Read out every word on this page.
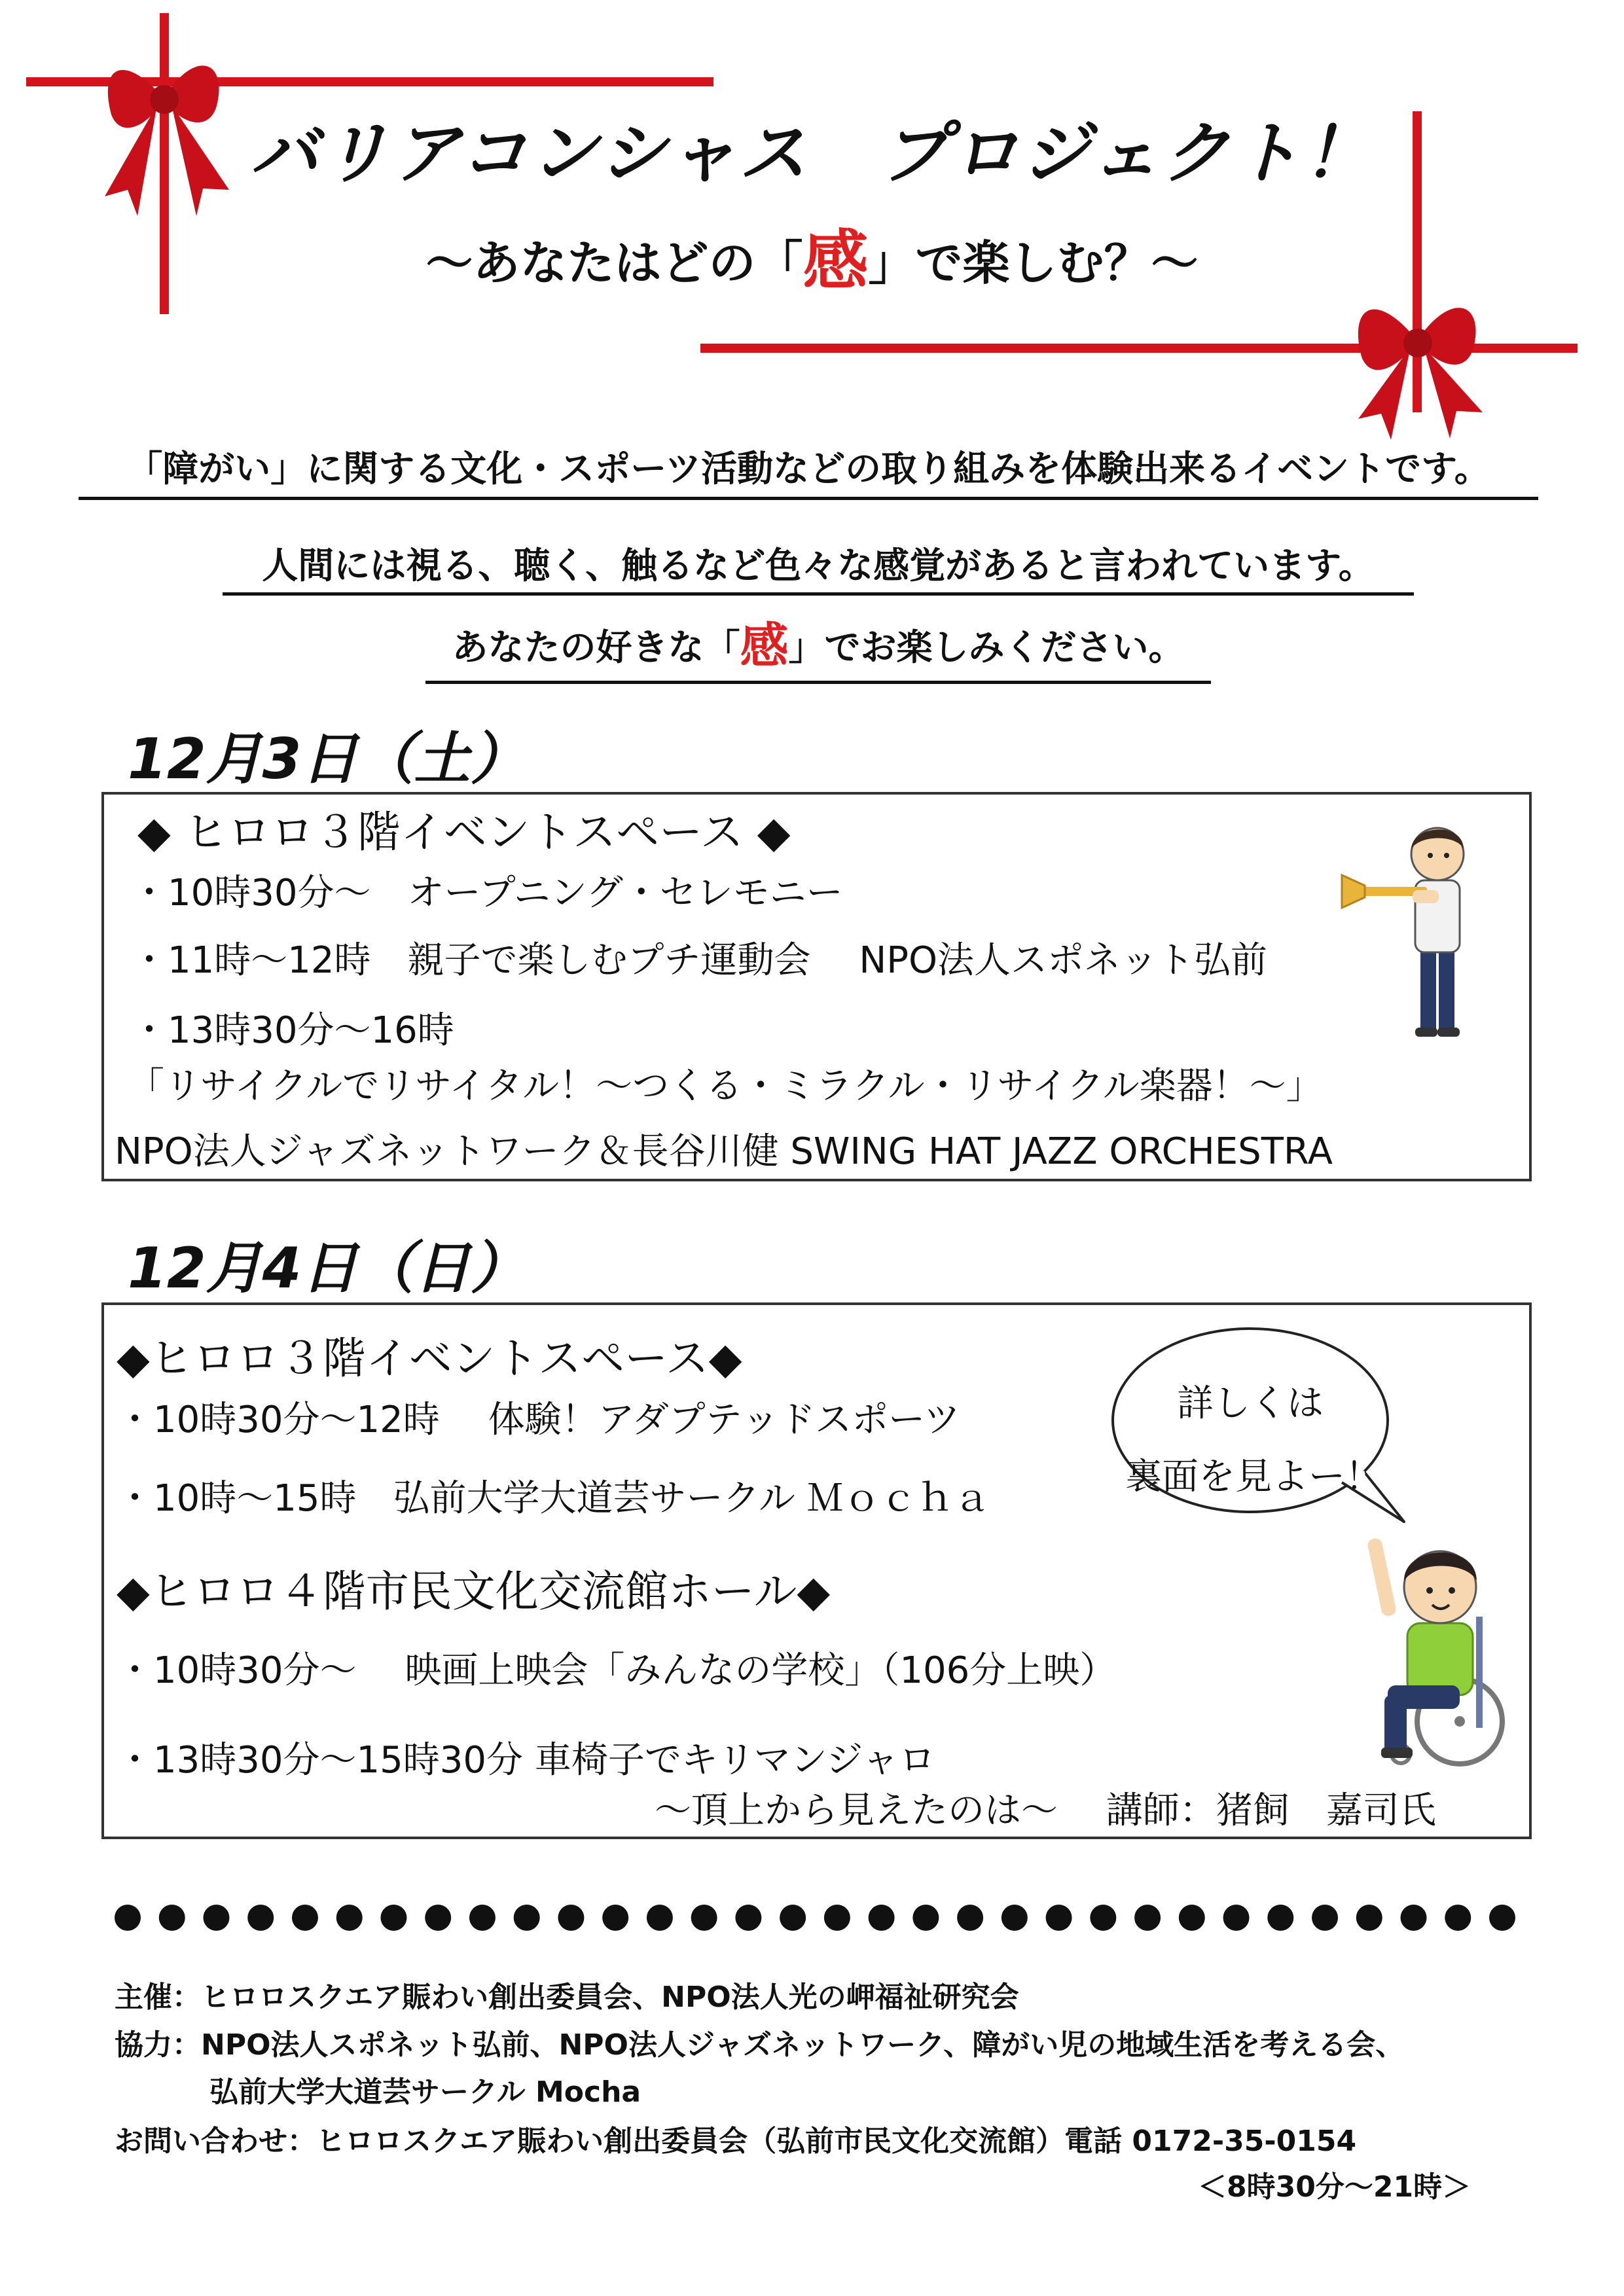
バリアコンシャス　プロジェクト！
～あなたはどの「感」で楽しむ？～
「障がい」に関する文化・スポーツ活動などの取り組みを体験出来るイベントです。
人間には視る、聴く、触るなど色々な感覚があると言われています。
あなたの好きな「感」でお楽しみください。
12月3日（土）
◆ ヒロロ３階イベントスペース ◆
・10時30分～　オープニング・セレモニー
・11時～12時　親子で楽しむプチ運動会　 NPO法人スポネット弘前
・13時30分～16時
「リサイクルでリサイタル！～つくる・ミラクル・リサイクル楽器！～」
NPO法人ジャズネットワーク＆長谷川健 SWING HAT JAZZ ORCHESTRA
12月4日（日）
◆ヒロロ３階イベントスペース◆
・10時30分～12時　 体験！アダプテッドスポーツ
・10時～15時　弘前大学大道芸サークル Ｍｏｃｈａ
◆ヒロロ４階市民文化交流館ホール◆
・10時30分～　 映画上映会「みんなの学校」（106分上映）
・13時30分～15時30分 車椅子でキリマンジャロ
～頂上から見えたのは～　 講師：猪飼　嘉司氏
詳しくは
裏面を見よー！
主催：ヒロロスクエア賑わい創出委員会、NPO法人光の岬福祉研究会
協力：NPO法人スポネット弘前、NPO法人ジャズネットワーク、障がい児の地域生活を考える会、
弘前大学大道芸サークル Mocha
お問い合わせ：ヒロロスクエア賑わい創出委員会（弘前市民文化交流館）電話 0172-35-0154
＜8時30分～21時＞
